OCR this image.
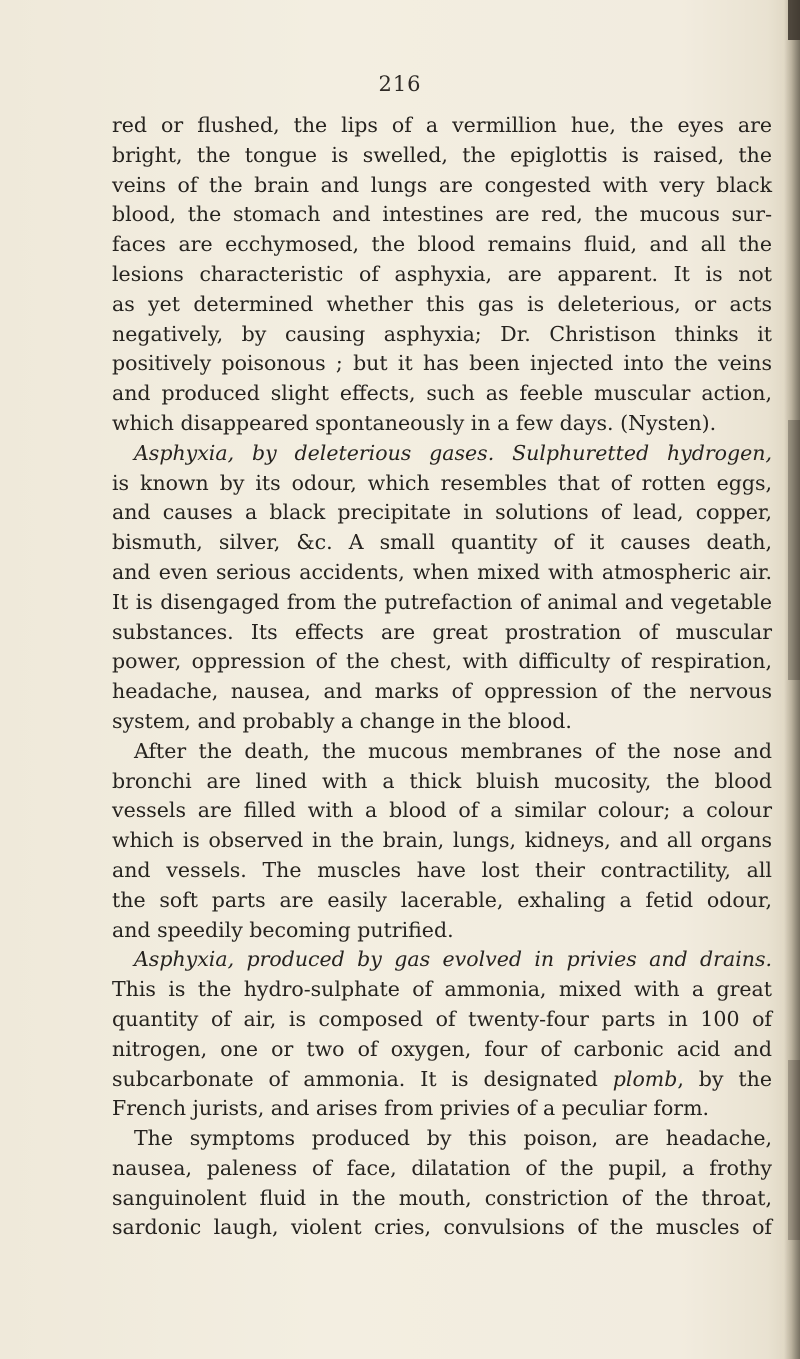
216
red or flushed, the lips of a vermillion hue, the eyes are
bright, the tongue is swelled, the epiglottis is raised, the
veins of the brain and lungs are congested with very black
blood, the stomach and intestines are red, the mucous sur-
faces are ecchymosed, the blood remains fluid, and all the
lesions characteristic of asphyxia, are apparent. It is not
as yet determined whether this gas is deleterious, or acts
negatively, by causing asphyxia; Dr. Christison thinks it
positively poisonous ; but it has been injected into the veins
and produced slight effects, such as feeble muscular action,
which disappeared spontaneously in a few days. (Nysten).
Asphyxia, by deleterious gases. Sulphuretted hydrogen,
is known by its odour, which resembles that of rotten eggs,
and causes a black precipitate in solutions of lead, copper,
bismuth, silver, &c. A small quantity of it causes death,
and even serious accidents, when mixed with atmospheric air.
It is disengaged from the putrefaction of animal and vegetable
substances. Its effects are great prostration of muscular
power, oppression of the chest, with difficulty of respiration,
headache, nausea, and marks of oppression of the nervous
system, and probably a change in the blood.
After the death, the mucous membranes of the nose and
bronchi are lined with a thick bluish mucosity, the blood
vessels are filled with a blood of a similar colour; a colour
which is observed in the brain, lungs, kidneys, and all organs
and vessels. The muscles have lost their contractility, all
the soft parts are easily lacerable, exhaling a fetid odour,
and speedily becoming putrified.
Asphyxia, produced by gas evolved in privies and drains.
This is the hydro-sulphate of ammonia, mixed with a great
quantity of air, is composed of twenty-four parts in 100 of
nitrogen, one or two of oxygen, four of carbonic acid and
subcarbonate of ammonia. It is designated plomb, by the
French jurists, and arises from privies of a peculiar form.
The symptoms produced by this poison, are headache,
nausea, paleness of face, dilatation of the pupil, a frothy
sanguinolent fluid in the mouth, constriction of the throat,
sardonic laugh, violent cries, convulsions of the muscles of
